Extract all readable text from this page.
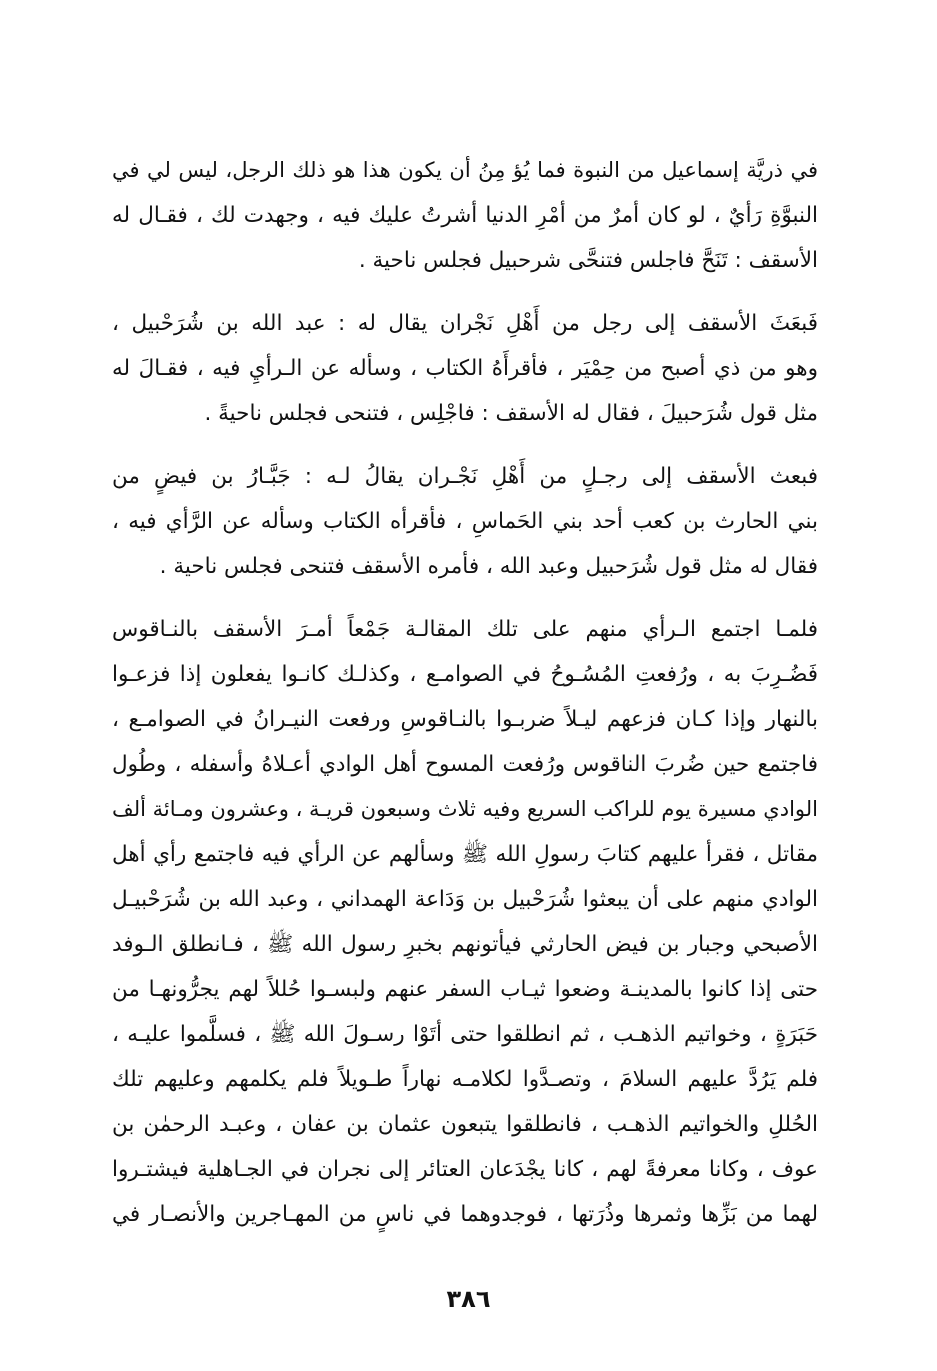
في ذريَّة إسماعيل من النبوة فما يُؤ مِنُ أن يكون هذا هو ذلك الرجل، ليس لي في
النبوَّةِ رَأيٌ ، لو كان أمرٌ من أمْرِ الدنيا أشرتُ عليك فيه ، وجهدت لك ، فقـال له
الأسقف : تَنَحَّ فاجلس فتنحَّى شرحبيل فجلس ناحية .

فَبعَثَ الأسقف إلى رجل من أَهْلِ نَجْران يقال له : عبد الله بن شُرَحْبيل ،
وهو من ذي أصبح من حِمْيَر ، فأقرأَهُ الكتاب ، وسأله عن الـرأيِ فيه ، فقـالَ له
مثل قول شُرَحبيلَ ، فقال له الأسقف : فاجْلِس ، فتنحى فجلس ناحيةً .

فبعث الأسقف إلى رجـلٍ من أَهْلِ نَجْـران يقالُ لـه : جَبَّـارُ بن فيضٍ من
بني الحارث بن كعب أحد بني الحَماسِ ، فأقرأه الكتاب وسأله عن الرَّأي فيه ،
فقال له مثل قول شُرَحبيل وعبد الله ، فأمره الأسقف فتنحى فجلس ناحية .

فلمـا اجتمع الـرأي منهم على تلك المقالـة جَمْعاً أمـرَ الأسقف بالنـاقوس
فَضُـرِبَ به ، ورُفعتِ المُسُـوحُ في الصوامـع ، وكذلـك كانـوا يفعلون إذا فزعـوا
بالنهار وإذا كـان فزعهم ليـلاً ضربـوا بالنـاقوسِ ورفعت النيـرانُ في الصوامـع ،
فاجتمع حين ضُربَ الناقوس ورُفعت المسوح أهل الوادي أعـلاهُ وأسفله ، وطُول
الوادي مسيرة يوم للراكب السريع وفيه ثلاث وسبعون قريـة ، وعشرون ومـائة ألف
مقاتل ، فقرأ عليهم كتابَ رسولِ الله ﷺ وسألهم عن الرأي فيه فاجتمع رأي أهل
الوادي منهم على أن يبعثوا شُرَحْبيل بن وَدَاعة الهمداني ، وعبد الله بن شُرَحْبيـل
الأصبحي وجبار بن فيض الحارثي فيأتونهم بخبرِ رسول الله ﷺ ، فـانطلق الـوفد
حتى إذا كانوا بالمدينـة وضعوا ثيـاب السفر عنهم ولبسـوا حُللاً لهم يجرُّونهـا من
حَبَرَةٍ ، وخواتيم الذهـب ، ثم انطلقوا حتى أتَوْا رسـولَ الله ﷺ ، فسلَّموا عليـه ،
فلم يَرُدَّ عليهم السلامَ ، وتصـدَّوا لكلامـه نهاراً طـويلاً فلم يكلمهم وعليهم تلك
الحُللِ والخواتيم الذهـب ، فانطلقوا يتبعون عثمان بن عفان ، وعبـد الرحمٰن بن
عوف ، وكانا معرفةً لهم ، كانا يجْدَعان العتائر إلى نجران في الجـاهلية فيشتـروا
لهما من بَزِّها وثمرها وذُرَتها ، فوجدوهما في ناسٍ من المهـاجرين والأنصـار في

٣٨٦
